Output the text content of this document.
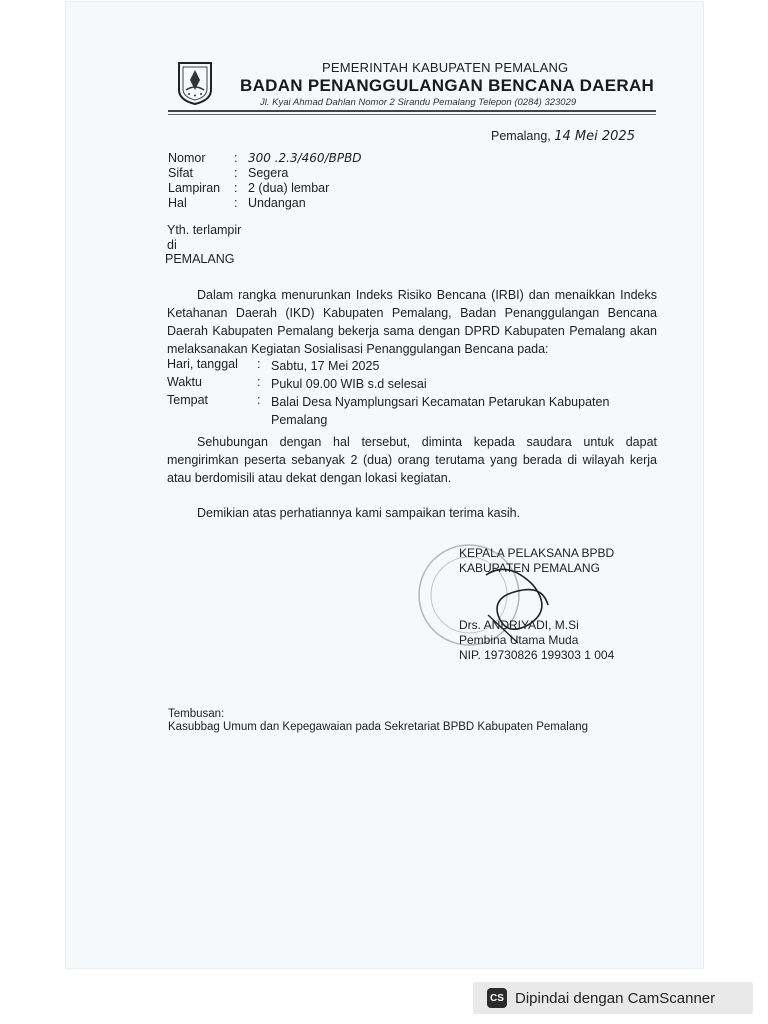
PEMERINTAH KABUPATEN PEMALANG
BADAN PENANGGULANGAN BENCANA DAERAH
Jl. Kyai Ahmad Dahlan Nomor 2 Sirandu Pemalang Telepon (0284) 323029
Pemalang, 14 Mei 2025
Nomor : 300 .2.3/460/BPBD
Sifat	: Segera
Lampiran : 2 (dua) lembar
Hal	: Undangan
Yth. terlampir
di
PEMALANG
Dalam rangka menurunkan Indeks Risiko Bencana (IRBI) dan menaikkan Indeks Ketahanan Daerah (IKD) Kabupaten Pemalang, Badan Penanggulangan Bencana Daerah Kabupaten Pemalang bekerja sama dengan DPRD Kabupaten Pemalang akan melaksanakan Kegiatan Sosialisasi Penanggulangan Bencana pada:
Hari, tanggal : Sabtu, 17 Mei 2025
Waktu	: Pukul 09.00 WIB s.d selesai
Tempat	: Balai Desa Nyamplungsari Kecamatan Petarukan Kabupaten Pemalang
Sehubungan dengan hal tersebut, diminta kepada saudara untuk dapat mengirimkan peserta sebanyak 2 (dua) orang terutama yang berada di wilayah kerja atau berdomisili atau dekat dengan lokasi kegiatan.
Demikian atas perhatiannya kami sampaikan terima kasih.
KEPALA PELAKSANA BPBD
KABUPATEN PEMALANG
Drs. ANDRIYADI, M.Si
Pembina Utama Muda
NIP. 19730826 199303 1 004
Tembusan:
Kasubbag Umum dan Kepegawaian pada Sekretariat BPBD Kabupaten Pemalang
CS Dipindai dengan CamScanner
